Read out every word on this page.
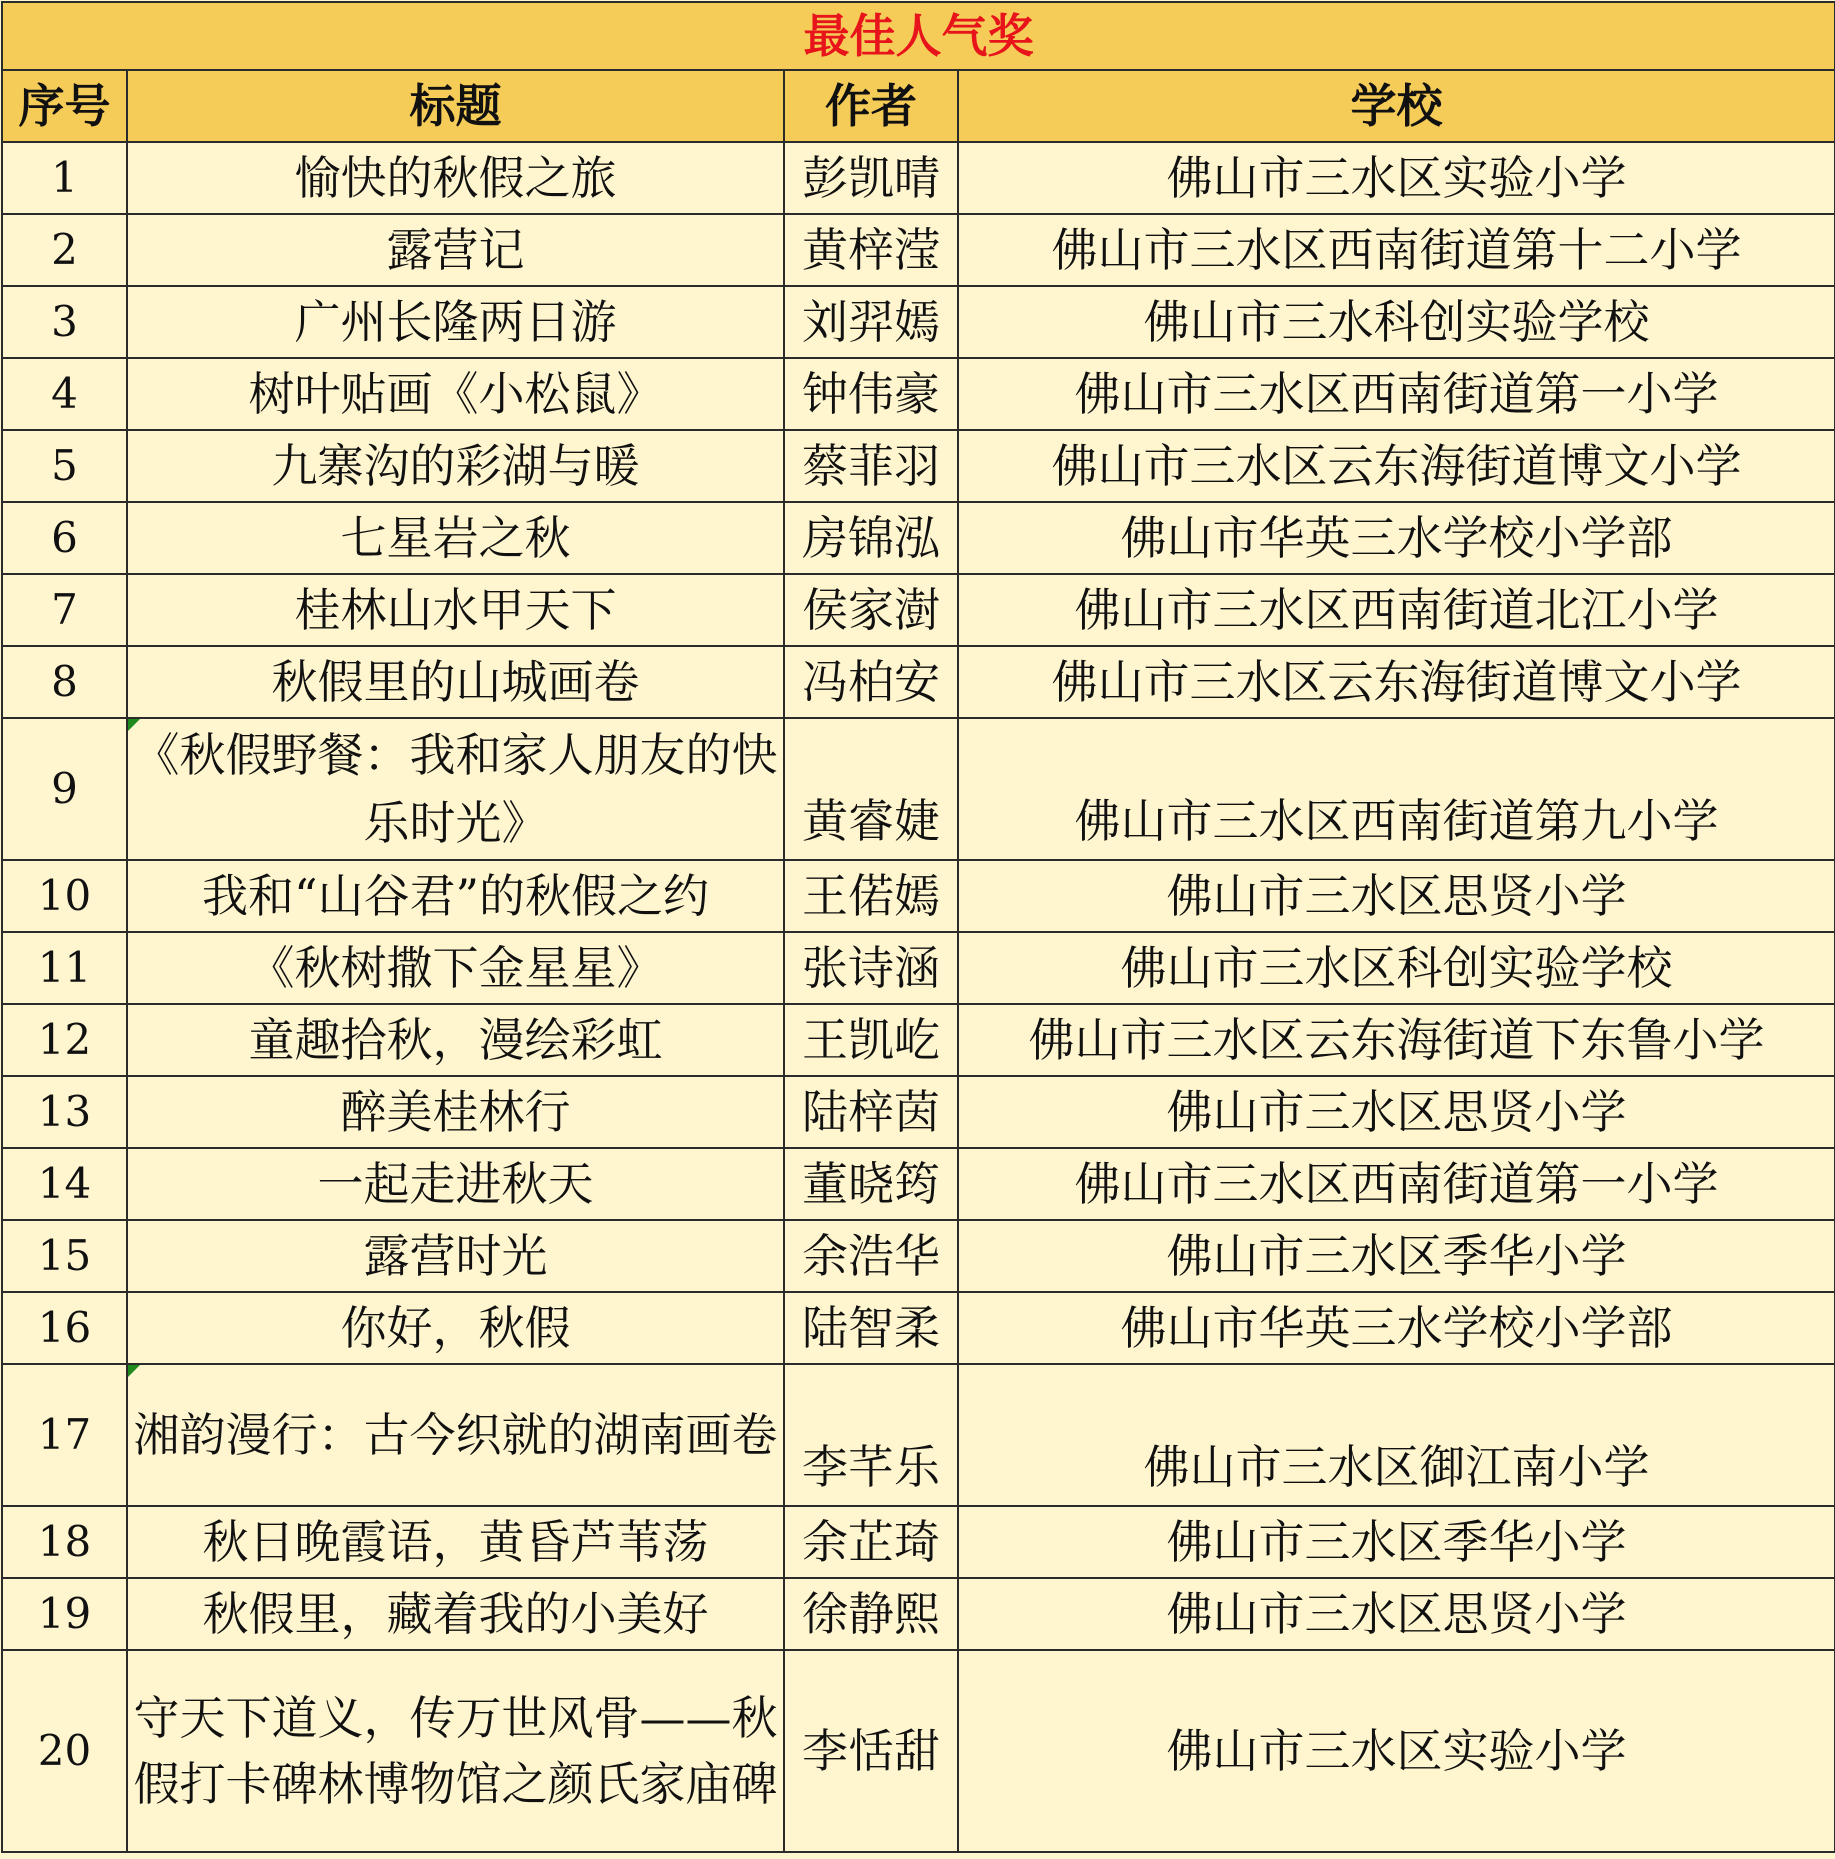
最佳人气奖			
序号	标题	作者	学校
1	愉快的秋假之旅	彭凯晴	佛山市三水区实验小学
2	露营记	黄梓滢	佛山市三水区西南街道第十二小学
3	广州长隆两日游	刘羿嫣	佛山市三水科创实验学校
4	树叶贴画《小松鼠》	钟伟豪	佛山市三水区西南街道第一小学
5	九寨沟的彩湖与暖	蔡菲羽	佛山市三水区云东海街道博文小学
6	七星岩之秋	房锦泓	佛山市华英三水学校小学部
7	桂林山水甲天下	侯家澍	佛山市三水区西南街道北江小学
8	秋假里的山城画卷	冯柏安	佛山市三水区云东海街道博文小学
9	《秋假野餐：我和家人朋友的快乐时光》	黄睿婕	佛山市三水区西南街道第九小学
10	我和“山谷君”的秋假之约	王偌嫣	佛山市三水区思贤小学
11	《秋树撒下金星星》	张诗涵	佛山市三水区科创实验学校
12	童趣拾秋，漫绘彩虹	王凯屹	佛山市三水区云东海街道下东鲁小学
13	醉美桂林行	陆梓茵	佛山市三水区思贤小学
14	一起走进秋天	董晓筠	佛山市三水区西南街道第一小学
15	露营时光	余浩华	佛山市三水区季华小学
16	你好，秋假	陆智柔	佛山市华英三水学校小学部
17	湘韵漫行：古今织就的湖南画卷	李芊乐	佛山市三水区御江南小学
18	秋日晚霞语，黄昏芦苇荡	余芷琦	佛山市三水区季华小学
19	秋假里，藏着我的小美好	徐静熙	佛山市三水区思贤小学
20	守天下道义，传万世风骨——秋假打卡碑林博物馆之颜氏家庙碑	李恬甜	佛山市三水区实验小学
